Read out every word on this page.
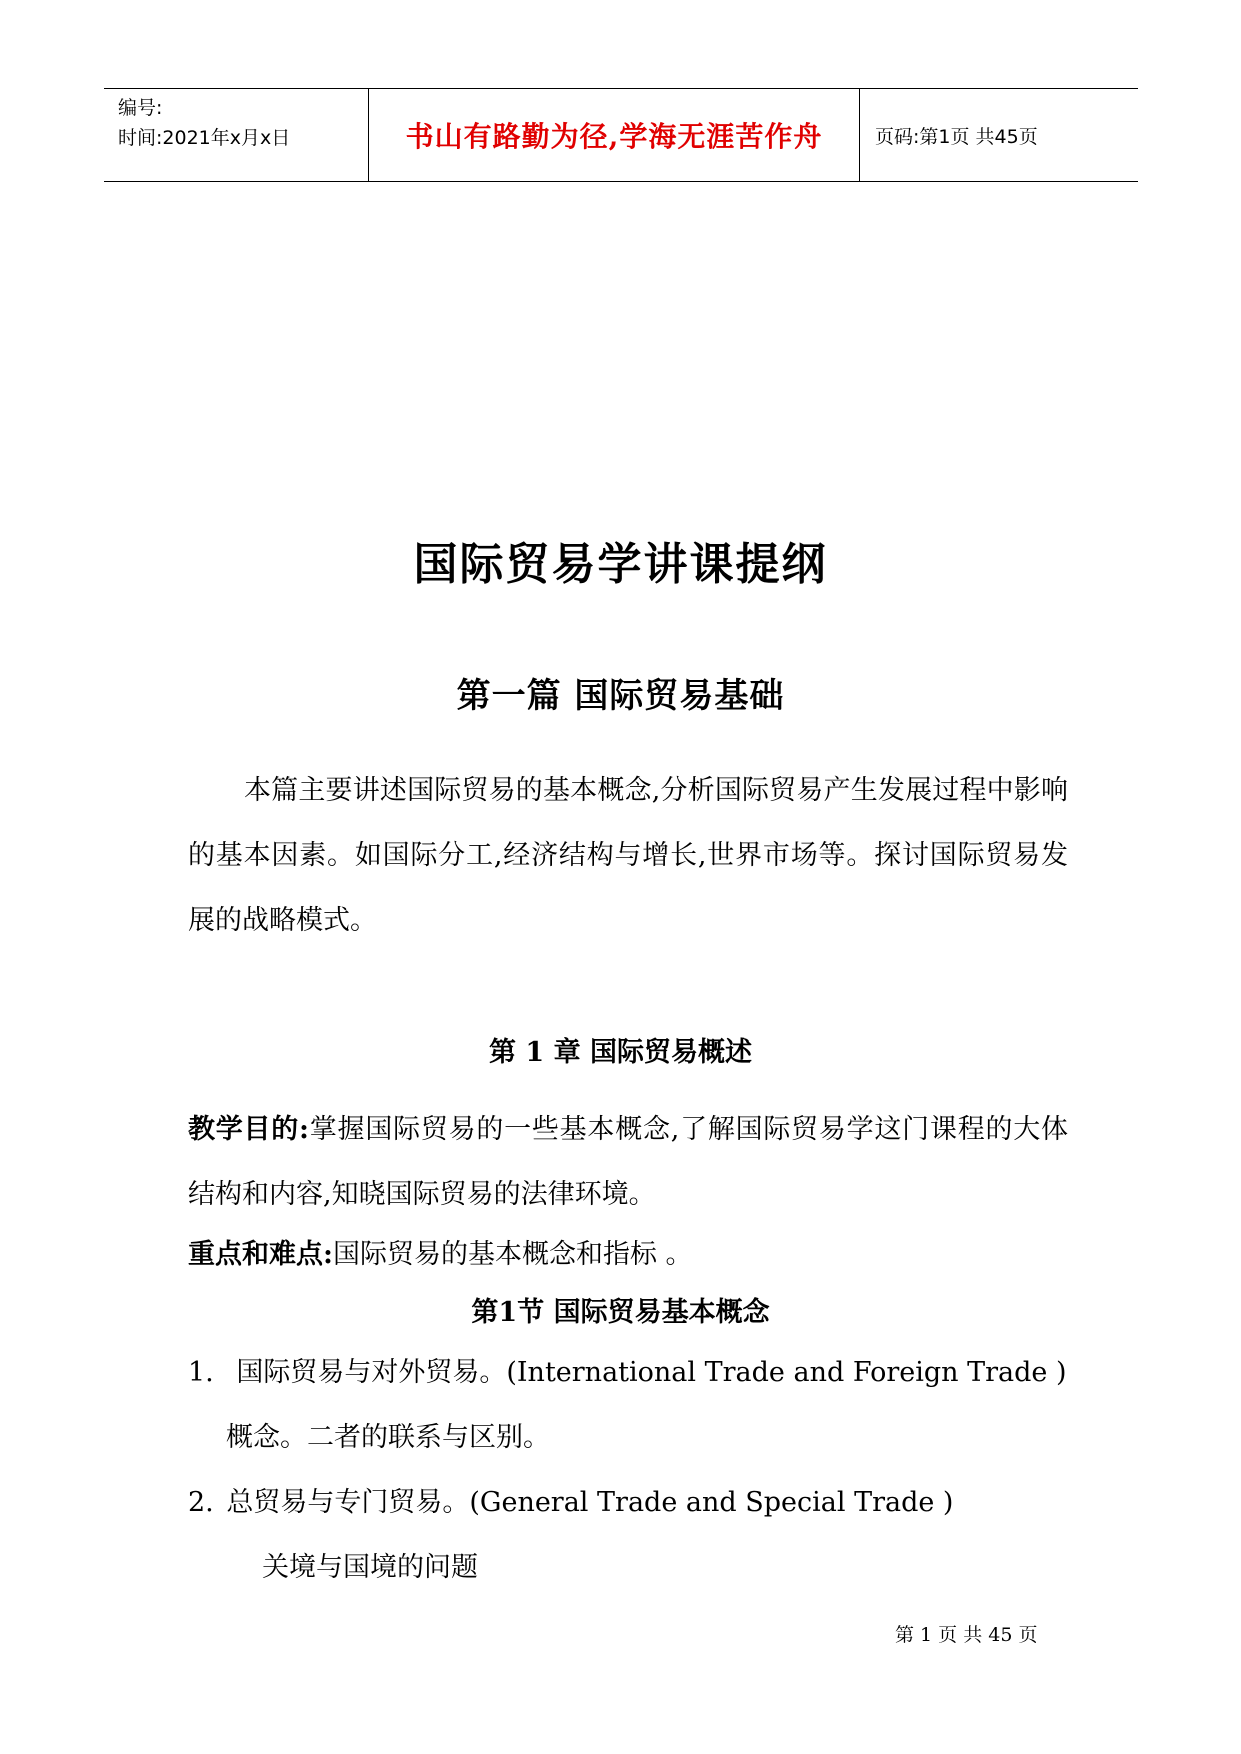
编号:
时间:2021年x月x日	书山有路勤为径,学海无涯苦作舟	页码:第1页 共45页
国际贸易学讲课提纲
第一篇 国际贸易基础
本篇主要讲述国际贸易的基本概念,分析国际贸易产生发展过程中影响的基本因素。如国际分工,经济结构与增长,世界市场等。探讨国际贸易发展的战略模式。
第 1 章 国际贸易概述
教学目的:掌握国际贸易的一些基本概念,了解国际贸易学这门课程的大体结构和内容,知晓国际贸易的法律环境。
重点和难点:国际贸易的基本概念和指标 。
第1节 国际贸易基本概念
1. 国际贸易与对外贸易。(International Trade and Foreign Trade )
概念。二者的联系与区别。
2. 总贸易与专门贸易。(General Trade and Special Trade )
关境与国境的问题
第 1 页 共 45 页
